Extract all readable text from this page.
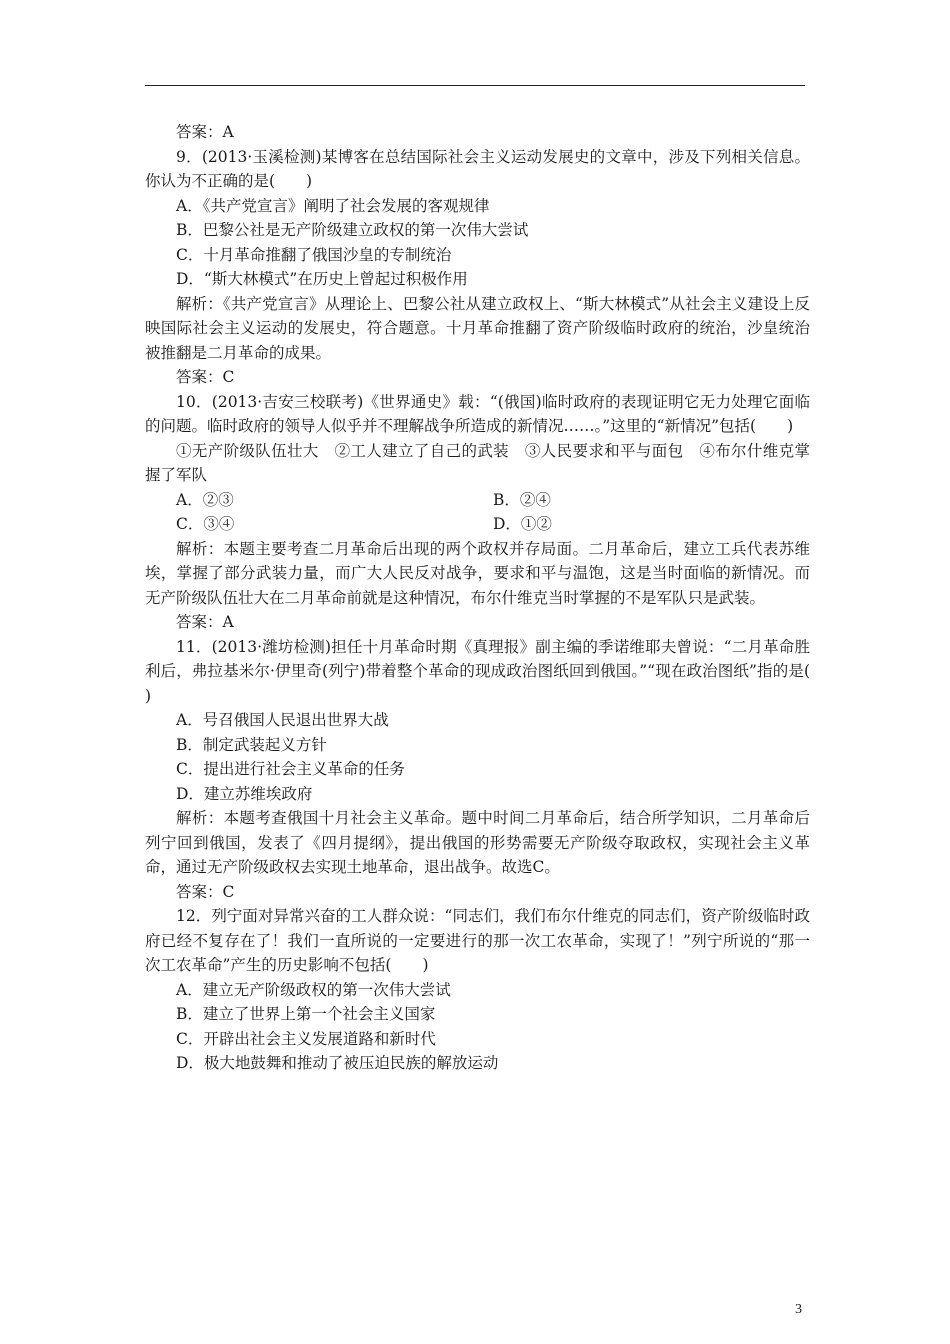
答案：A

9．(2013·玉溪检测)某博客在总结国际社会主义运动发展史的文章中，涉及下列相关信息。你认为不正确的是(　　)

A．《共产党宣言》阐明了社会发展的客观规律

B．巴黎公社是无产阶级建立政权的第一次伟大尝试

C．十月革命推翻了俄国沙皇的专制统治

D．“斯大林模式”在历史上曾起过积极作用

解析：《共产党宣言》从理论上、巴黎公社从建立政权上、“斯大林模式”从社会主义建设上反映国际社会主义运动的发展史，符合题意。十月革命推翻了资产阶级临时政府的统治，沙皇统治被推翻是二月革命的成果。

答案：C

10．(2013·吉安三校联考)《世界通史》载：“(俄国)临时政府的表现证明它无力处理它面临的问题。临时政府的领导人似乎并不理解战争所造成的新情况……。”这里的“新情况”包括(　　)

①无产阶级队伍壮大　②工人建立了自己的武装　③人民要求和平与面包　④布尔什维克掌握了军队

A．②③	B．②④
C．③④	D．①②

解析：本题主要考查二月革命后出现的两个政权并存局面。二月革命后，建立工兵代表苏维埃，掌握了部分武装力量，而广大人民反对战争，要求和平与温饱，这是当时面临的新情况。而无产阶级队伍壮大在二月革命前就是这种情况，布尔什维克当时掌握的不是军队只是武装。

答案：A

11．(2013·潍坊检测)担任十月革命时期《真理报》副主编的季诺维耶夫曾说：“二月革命胜利后，弗拉基米尔·伊里奇(列宁)带着整个革命的现成政治图纸回到俄国。”“现在政治图纸”指的是(　　)

A．号召俄国人民退出世界大战

B．制定武装起义方针

C．提出进行社会主义革命的任务

D．建立苏维埃政府

解析：本题考查俄国十月社会主义革命。题中时间二月革命后，结合所学知识，二月革命后列宁回到俄国，发表了《四月提纲》，提出俄国的形势需要无产阶级夺取政权，实现社会主义革命，通过无产阶级政权去实现土地革命，退出战争。故选C。

答案：C

12．列宁面对异常兴奋的工人群众说：“同志们，我们布尔什维克的同志们，资产阶级临时政府已经不复存在了！我们一直所说的一定要进行的那一次工农革命，实现了！”列宁所说的“那一次工农革命”产生的历史影响不包括(　　)

A．建立无产阶级政权的第一次伟大尝试

B．建立了世界上第一个社会主义国家

C．开辟出社会主义发展道路和新时代

D．极大地鼓舞和推动了被压迫民族的解放运动

3
